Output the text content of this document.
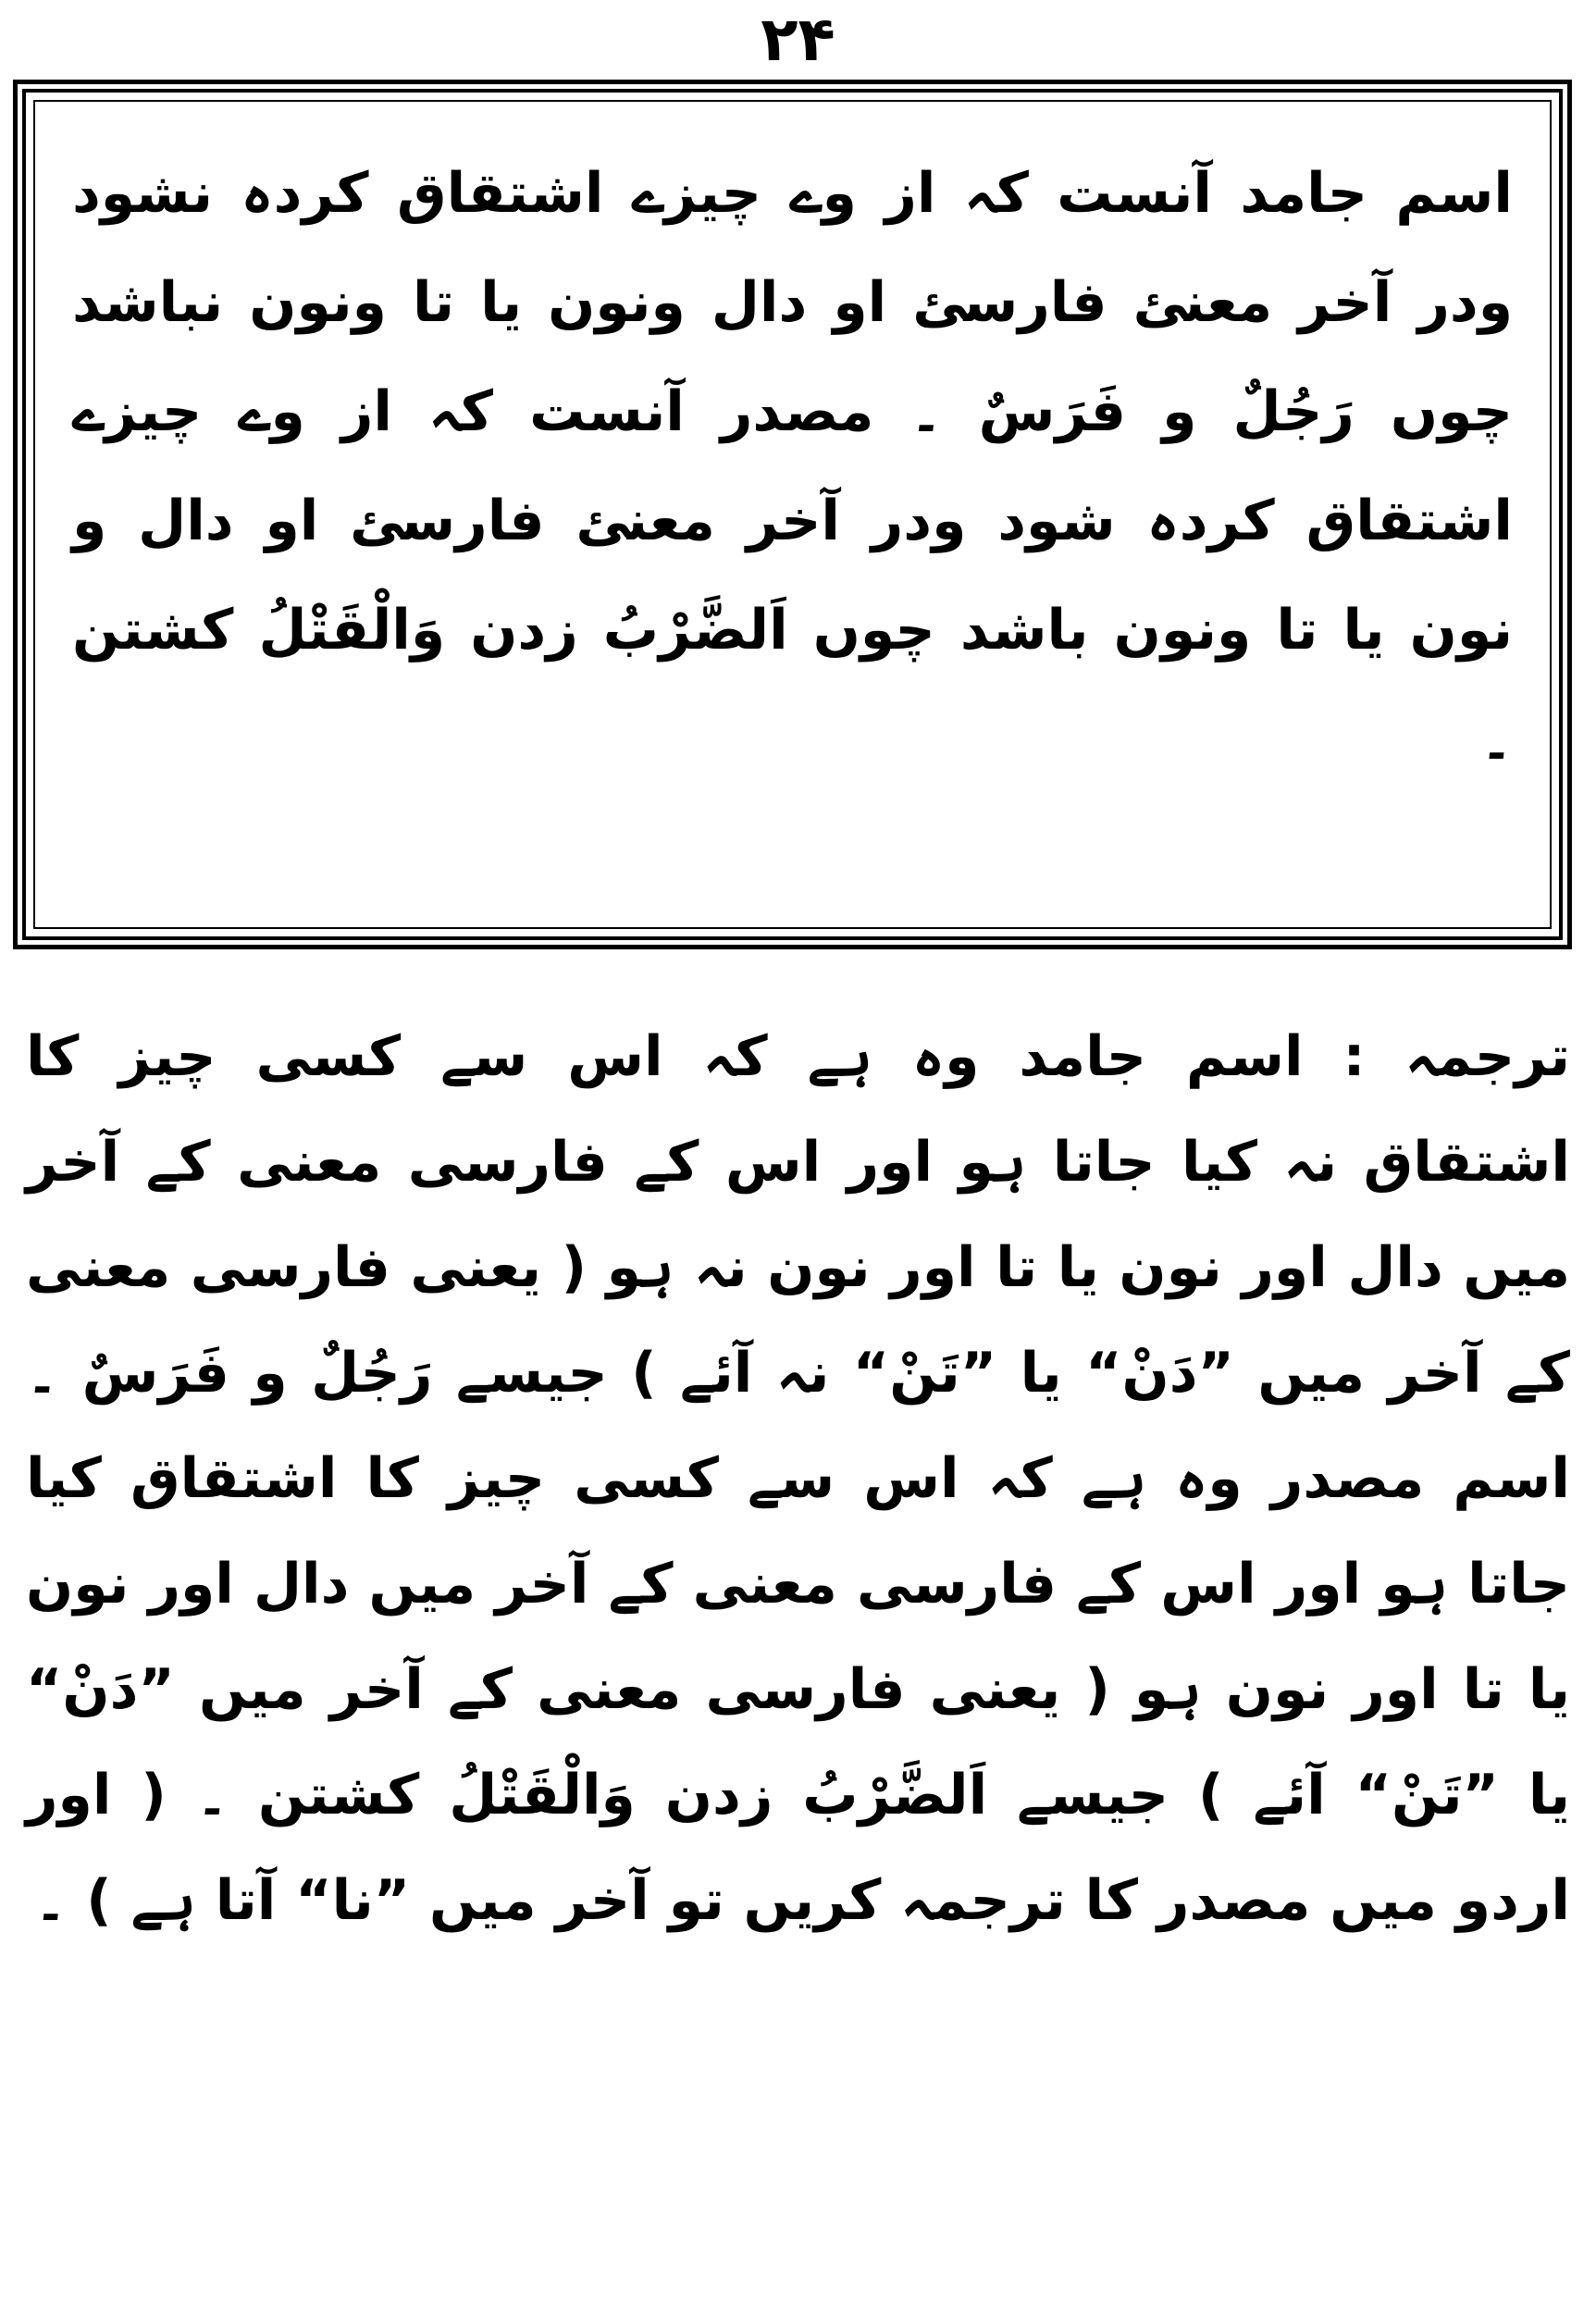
۲۴

اسم جامد آنست کہ از وے چیزے اشتقاق کردہ نشود ودر آخر معنئ فارسئ او دال ونون یا تا ونون نباشد چوں رَجُلٌ و فَرَسٌ ۔ مصدر آنست کہ از وے چیزے اشتقاق کردہ شود ودر آخر معنئ فارسئ او دال و نون یا تا ونون باشد چوں اَلضَّرْبُ زدن وَالْقَتْلُ کشتن ۔

ترجمہ : اسم جامد وہ ہے کہ اس سے کسی چیز کا اشتقاق نہ کیا جاتا ہو اور اس کے فارسی معنی کے آخر میں دال اور نون یا تا اور نون نہ ہو ( یعنی فارسی معنی کے آخر میں ”دَنْ“ یا ”تَنْ“ نہ آئے ) جیسے رَجُلٌ و فَرَسٌ ۔ اسم مصدر وہ ہے کہ اس سے کسی چیز کا اشتقاق کیا جاتا ہو اور اس کے فارسی معنی کے آخر میں دال اور نون یا تا اور نون ہو ( یعنی فارسی معنی کے آخر میں ”دَنْ“ یا ”تَنْ“ آئے ) جیسے اَلضَّرْبُ زدن وَالْقَتْلُ کشتن ۔ ( اور اردو میں مصدر کا ترجمہ کریں تو آخر میں ”نا“ آتا ہے ) ۔
